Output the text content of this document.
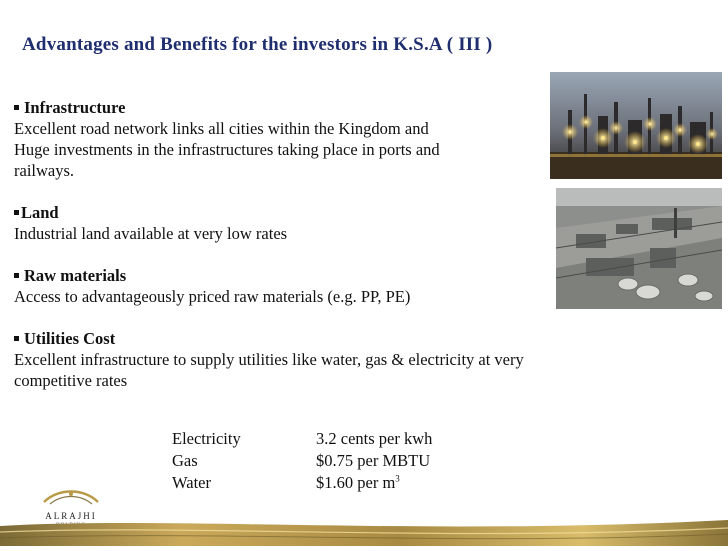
Advantages and Benefits for the investors in K.S.A ( III )
Infrastructure
Excellent road network links all cities within the Kingdom and
Huge investments in the infrastructures taking place in ports and
railways.
Land
Industrial land available at very low rates
Raw materials
Access to advantageously priced raw materials (e.g. PP, PE)
Utilities Cost
Excellent infrastructure to supply utilities like water, gas & electricity at very
competitive rates
Electricity	3.2 cents per kwh
Gas	$0.75 per MBTU
Water	$1.60 per $m^3$
ALRAJHI
